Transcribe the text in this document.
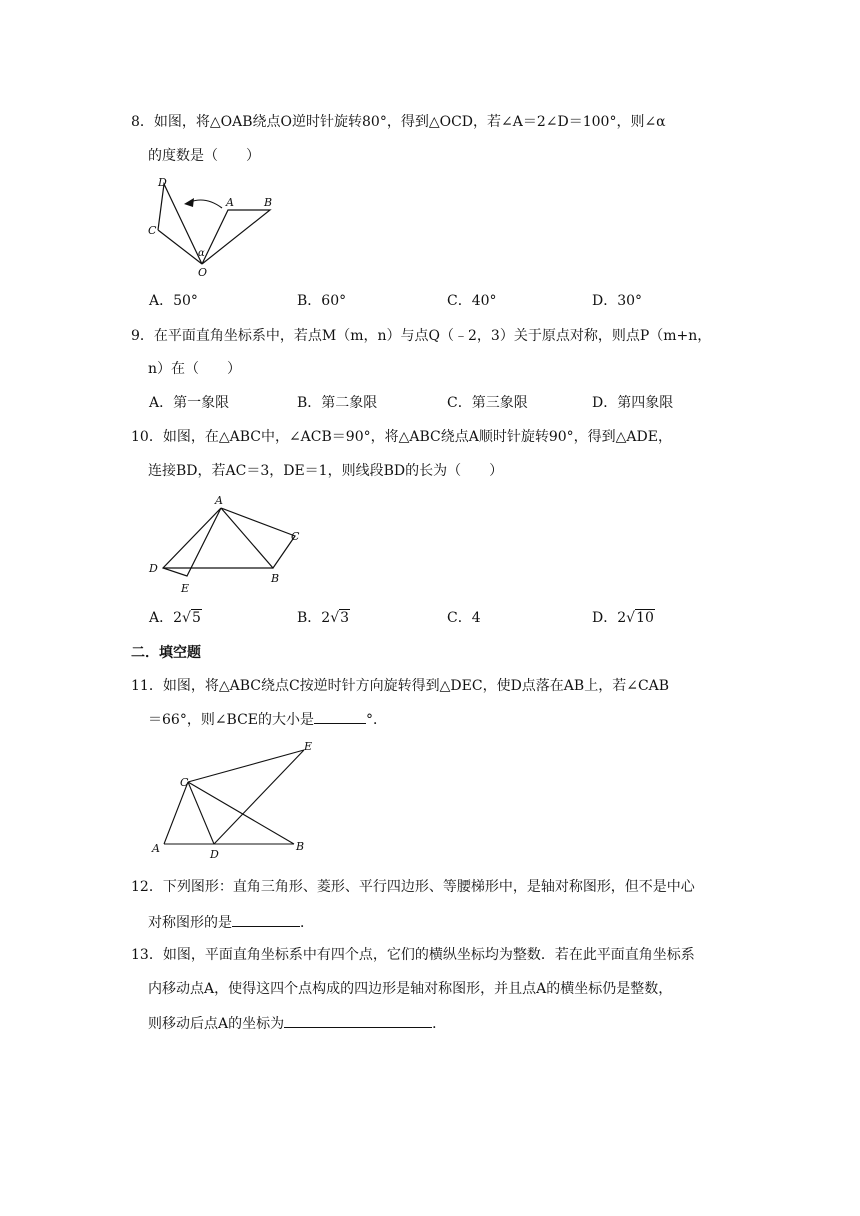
8．如图，将△OAB绕点O逆时针旋转80°，得到△OCD，若∠A＝2∠D＝100°，则∠α
的度数是（　　）
D
C
O
A	B
α
A．50°	B．60°	C．40°	D．30°
9．在平面直角坐标系中，若点M（m，n）与点Q（﹣2，3）关于原点对称，则点P（m+n，
n）在（　　）
A．第一象限	B．第二象限	C．第三象限	D．第四象限
10．如图，在△ABC中，∠ACB＝90°，将△ABC绕点A顺时针旋转90°，得到△ADE，
连接BD，若AC＝3，DE＝1，则线段BD的长为（　　）
A
C
D
E
B
A．2√5	B．2√3	C．4	D．2√10
二．填空题
11．如图，将△ABC绕点C按逆时针方向旋转得到△DEC，使D点落在AB上，若∠CAB
＝66°，则∠BCE的大小是	°．
C
E
A	D
B
12．下列图形：直角三角形、菱形、平行四边形、等腰梯形中，是轴对称图形，但不是中心
对称图形的是	．
13．如图，平面直角坐标系中有四个点，它们的横纵坐标均为整数．若在此平面直角坐标系
内移动点A，使得这四个点构成的四边形是轴对称图形，并且点A的横坐标仍是整数，
则移动后点A的坐标为	．
